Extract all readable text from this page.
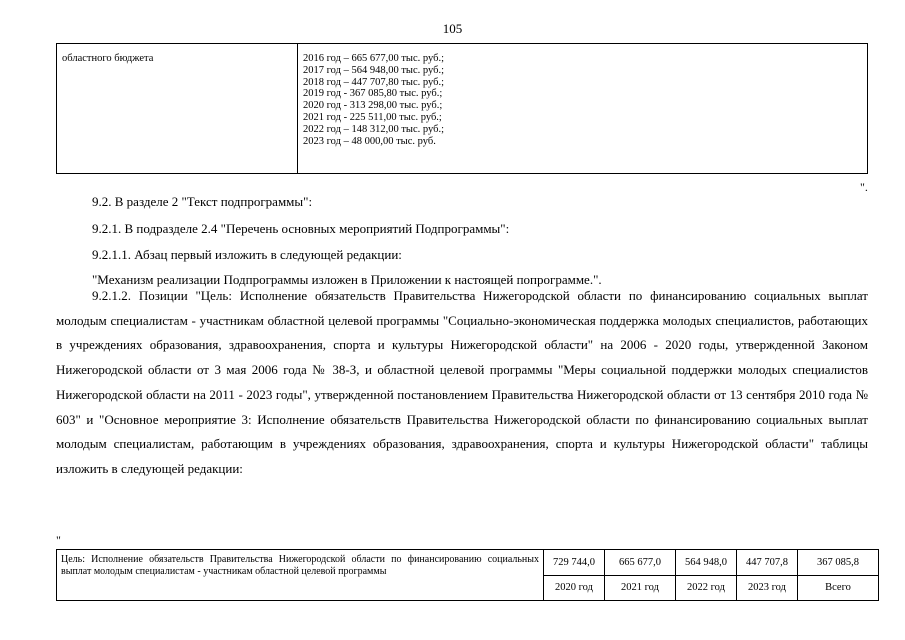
105
областного бюджета	2016 год – 665 677,00 тыс. руб.;
2017 год – 564 948,00 тыс. руб.;
2018 год – 447 707,80 тыс. руб.;
2019 год - 367 085,80 тыс. руб.;
2020 год - 313 298,00 тыс. руб.;
2021 год - 225 511,00 тыс. руб.;
2022 год – 148 312,00 тыс. руб.;
2023 год – 48 000,00 тыс. руб.
".
9.2. В разделе 2 "Текст подпрограммы":
9.2.1. В подразделе 2.4 "Перечень основных мероприятий Подпрограммы":
9.2.1.1. Абзац первый изложить в следующей редакции:
"Механизм реализации Подпрограммы изложен в Приложении к настоящей попрограмме.".
9.2.1.2. Позиции "Цель: Исполнение обязательств Правительства Нижегородской области по финансированию социальных выплат молодым специалистам - участникам областной целевой программы "Социально-экономическая поддержка молодых специалистов, работающих в учреждениях образования, здравоохранения, спорта и культуры Нижегородской области" на 2006 - 2020 годы, утвержденной Законом Нижегородской области от 3 мая 2006 года № 38-З, и областной целевой программы "Меры социальной поддержки молодых специалистов Нижегородской области на 2011 - 2023 годы", утвержденной постановлением Правительства Нижегородской области от 13 сентября 2010 года № 603" и "Основное мероприятие 3: Исполнение обязательств Правительства Нижегородской области по финансированию социальных выплат молодым специалистам, работающим в учреждениях образования, здравоохранения, спорта и культуры Нижегородской области" таблицы изложить в следующей редакции:
"
Цель: Исполнение обязательств Правительства Нижегородской области по финансированию социальных выплат молодым специалистам - участникам областной целевой программы	729 744,0	665 677,0	564 948,0	447 707,8	367 085,8
	2020 год	2021 год	2022 год	2023 год	Всего
